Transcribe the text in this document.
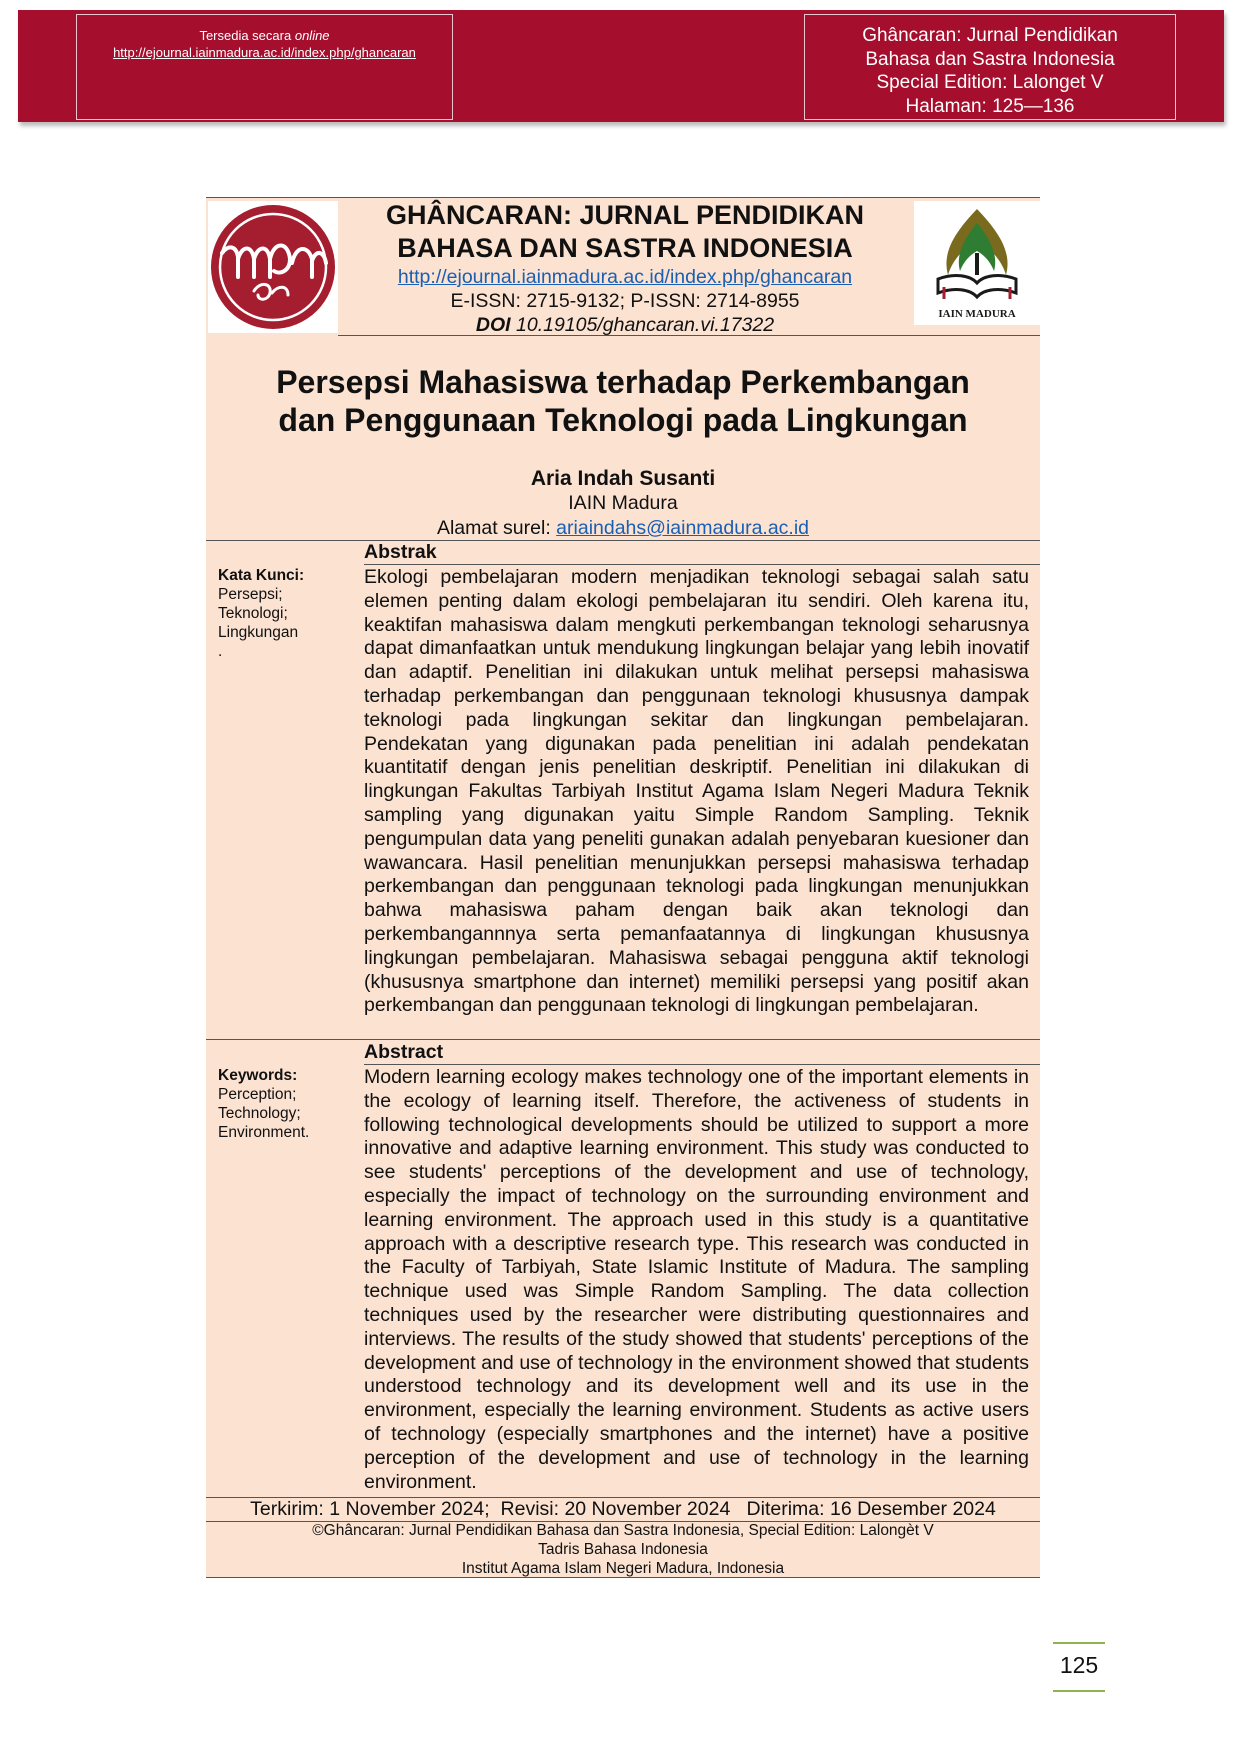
Tersedia secara online
http://ejournal.iainmadura.ac.id/index.php/ghancaran
Ghâncaran: Jurnal Pendidikan
Bahasa dan Sastra Indonesia
Special Edition: Lalonget V
Halaman: 125—136
IAIN MADURA
GHÂNCARAN: JURNAL PENDIDIKAN
BAHASA DAN SASTRA INDONESIA
http://ejournal.iainmadura.ac.id/index.php/ghancaran
E-ISSN: 2715-9132; P-ISSN: 2714-8955
DOI 10.19105/ghancaran.vi.17322
Persepsi Mahasiswa terhadap Perkembangan
dan Penggunaan Teknologi pada Lingkungan
Aria Indah Susanti
IAIN Madura
Alamat surel: ariaindahs@iainmadura.ac.id
Abstrak
Kata Kunci:
Persepsi;
Teknologi;
Lingkungan
.
Ekologi pembelajaran modern menjadikan teknologi sebagai salah satu elemen penting dalam ekologi pembelajaran itu sendiri. Oleh karena itu, keaktifan mahasiswa dalam mengkuti perkembangan teknologi seharusnya dapat dimanfaatkan untuk mendukung lingkungan belajar yang lebih inovatif dan adaptif. Penelitian ini dilakukan untuk melihat persepsi mahasiswa terhadap perkembangan dan penggunaan teknologi khususnya dampak teknologi pada lingkungan sekitar dan lingkungan pembelajaran. Pendekatan yang digunakan pada penelitian ini adalah pendekatan kuantitatif dengan jenis penelitian deskriptif. Penelitian ini dilakukan di lingkungan Fakultas Tarbiyah Institut Agama Islam Negeri Madura Teknik sampling yang digunakan yaitu Simple Random Sampling. Teknik pengumpulan data yang peneliti gunakan adalah penyebaran kuesioner dan wawancara. Hasil penelitian menunjukkan persepsi mahasiswa terhadap perkembangan dan penggunaan teknologi pada lingkungan menunjukkan bahwa mahasiswa paham dengan baik akan teknologi dan perkembangannnya serta pemanfaatannya di lingkungan khususnya lingkungan pembelajaran. Mahasiswa sebagai pengguna aktif teknologi (khususnya smartphone dan internet) memiliki persepsi yang positif akan perkembangan dan penggunaan teknologi di lingkungan pembelajaran.
Abstract
Keywords:
Perception;
Technology;
Environment.
Modern learning ecology makes technology one of the important elements in the ecology of learning itself. Therefore, the activeness of students in following technological developments should be utilized to support a more innovative and adaptive learning environment. This study was conducted to see students' perceptions of the development and use of technology, especially the impact of technology on the surrounding environment and learning environment. The approach used in this study is a quantitative approach with a descriptive research type. This research was conducted in the Faculty of Tarbiyah, State Islamic Institute of Madura. The sampling technique used was Simple Random Sampling. The data collection techniques used by the researcher were distributing questionnaires and interviews. The results of the study showed that students' perceptions of the development and use of technology in the environment showed that students understood technology and its development well and its use in the environment, especially the learning environment. Students as active users of technology (especially smartphones and the internet) have a positive perception of the development and use of technology in the learning environment.
Terkirim: 1 November 2024;  Revisi: 20 November 2024   Diterima: 16 Desember 2024
©Ghâncaran: Jurnal Pendidikan Bahasa dan Sastra Indonesia, Special Edition: Lalongèt V
Tadris Bahasa Indonesia
Institut Agama Islam Negeri Madura, Indonesia
125
